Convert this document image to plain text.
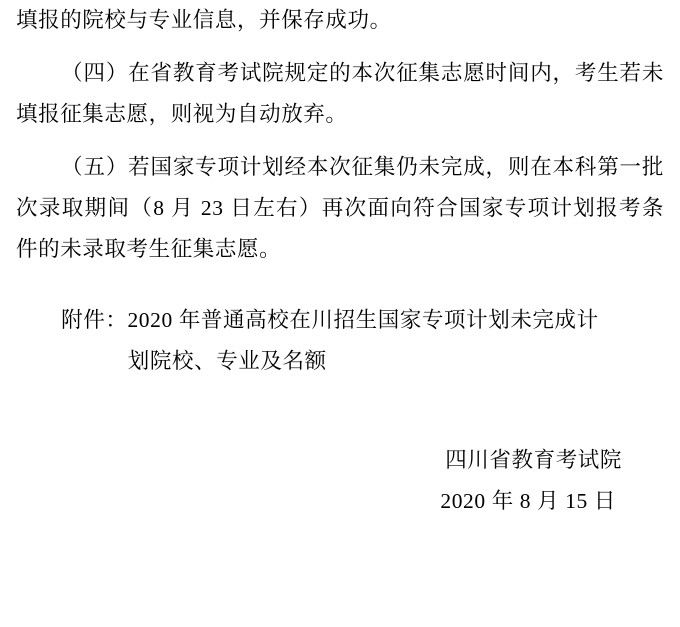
填报的院校与专业信息，并保存成功。
（四）在省教育考试院规定的本次征集志愿时间内，考生若未填报征集志愿，则视为自动放弃。
（五）若国家专项计划经本次征集仍未完成，则在本科第一批次录取期间（8 月 23 日左右）再次面向符合国家专项计划报考条件的未录取考生征集志愿。
附件：2020 年普通高校在川招生国家专项计划未完成计
划院校、专业及名额
四川省教育考试院
2020 年 8 月 15 日
